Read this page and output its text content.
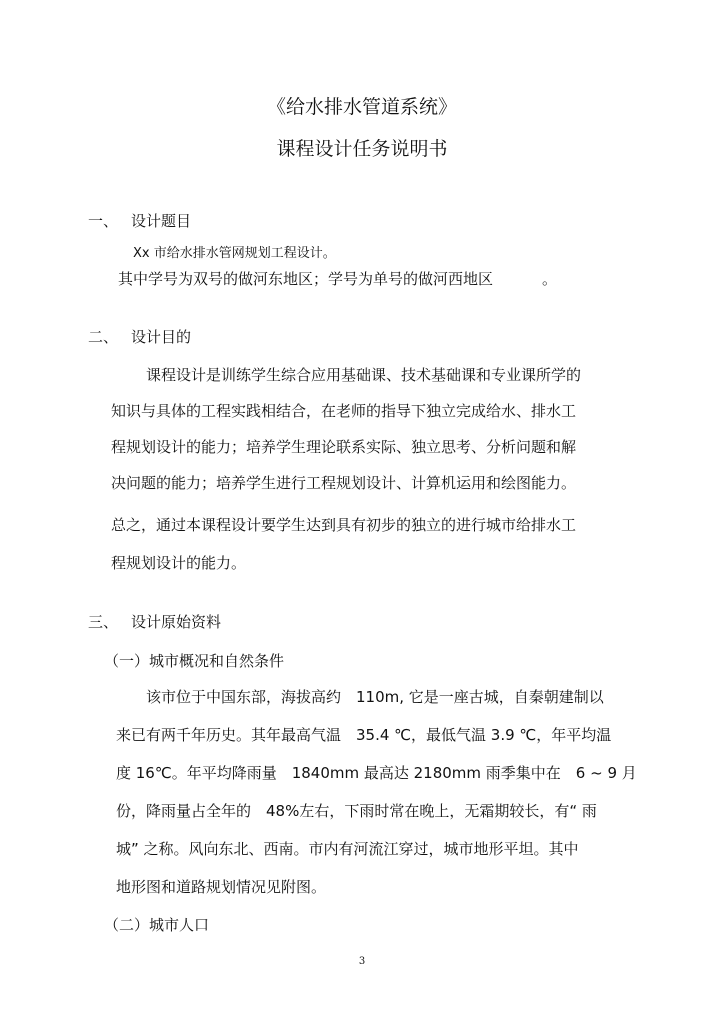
《给水排水管道系统》
课程设计任务说明书
一、 设计题目
Xx 市给水排水管网规划工程设计。
其中学号为双号的做河东地区；学号为单号的做河西地区	。
二、 设计目的
课程设计是训练学生综合应用基础课、技术基础课和专业课所学的
知识与具体的工程实践相结合，在老师的指导下独立完成给水、排水工
程规划设计的能力；培养学生理论联系实际、独立思考、分析问题和解
决问题的能力；培养学生进行工程规划设计、计算机运用和绘图能力。
总之，通过本课程设计要学生达到具有初步的独立的进行城市给排水工
程规划设计的能力。
三、 设计原始资料
（一）城市概况和自然条件
该市位于中国东部，海拔高约　110m, 它是一座古城，自秦朝建制以
来已有两千年历史。其年最高气温　35.4 ℃，最低气温 3.9 ℃，年平均温
度 16℃。年平均降雨量　1840mm 最高达 2180mm 雨季集中在　6 ~ 9 月
份，降雨量占全年的　48%左右，下雨时常在晚上，无霜期较长，有“ 雨
城” 之称。风向东北、西南。市内有河流江穿过，城市地形平坦。其中
地形图和道路规划情况见附图。
（二）城市人口
3
